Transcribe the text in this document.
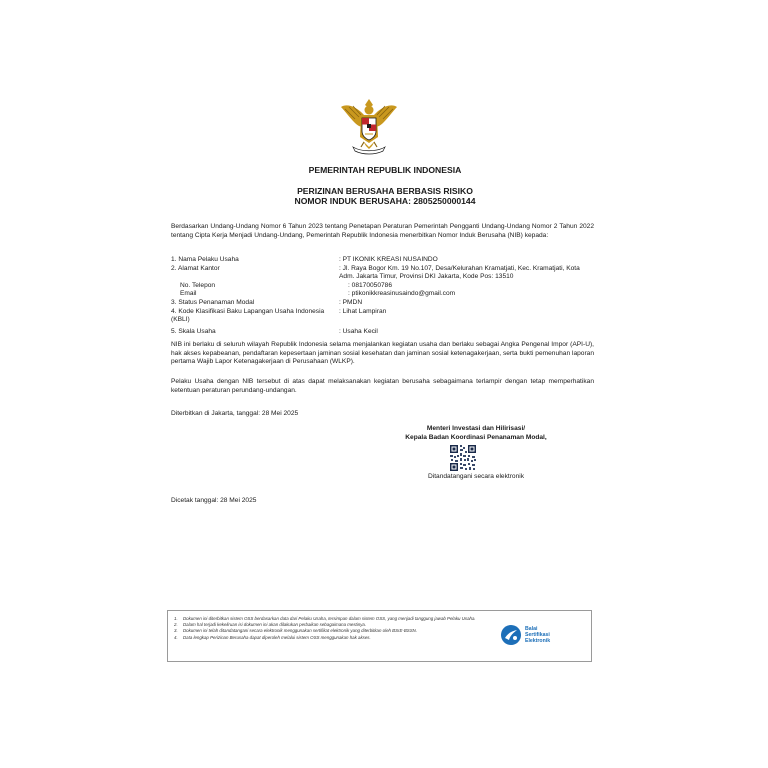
PEMERINTAH REPUBLIK INDONESIA
PERIZINAN BERUSAHA BERBASIS RISIKO
NOMOR INDUK BERUSAHA: 2805250000144
Berdasarkan Undang-Undang Nomor 6 Tahun 2023 tentang Penetapan Peraturan Pemerintah Pengganti Undang-Undang Nomor 2 Tahun 2022 tentang Cipta Kerja Menjadi Undang-Undang, Pemerintah Republik Indonesia menerbitkan Nomor Induk Berusaha (NIB) kepada:
1. Nama Pelaku Usaha	: PT IKONIK KREASI NUSAINDO
2. Alamat Kantor	: Jl. Raya Bogor Km. 19 No.107, Desa/Kelurahan Kramatjati, Kec. Kramatjati, Kota Adm. Jakarta Timur, Provinsi DKI Jakarta, Kode Pos: 13510
No. Telepon	: 08170050786
Email	: ptikonikkreasinusaindo@gmail.com
3. Status Penanaman Modal	: PMDN
4. Kode Klasifikasi Baku Lapangan Usaha Indonesia (KBLI)
: Lihat Lampiran
5. Skala Usaha	: Usaha Kecil
NIB ini berlaku di seluruh wilayah Republik Indonesia selama menjalankan kegiatan usaha dan berlaku sebagai Angka Pengenal Impor (API-U), hak akses kepabeanan, pendaftaran kepesertaan jaminan sosial kesehatan dan jaminan sosial ketenagakerjaan, serta bukti pemenuhan laporan pertama Wajib Lapor Ketenagakerjaan di Perusahaan (WLKP).
Pelaku Usaha dengan NIB tersebut di atas dapat melaksanakan kegiatan berusaha sebagaimana terlampir dengan tetap memperhatikan ketentuan peraturan perundang-undangan.
Diterbitkan di Jakarta, tanggal: 28 Mei 2025
Menteri Investasi dan Hilirisasi/
Kepala Badan Koordinasi Penanaman Modal,
Ditandatangani secara elektronik
Dicetak tanggal: 28 Mei 2025
1.	Dokumen ini diterbitkan sistem OSS berdasarkan data dari Pelaku Usaha, tersimpan dalam sistem OSS, yang menjadi tanggung jawab Pelaku Usaha.
2.	Dalam hal terjadi kekeliruan isi dokumen ini akan dilakukan perbaikan sebagaimana mestinya.
3.	Dokumen ini telah ditandatangani secara elektronik menggunakan sertifikat elektronik yang diterbitkan oleh BSrE-BSSN.
4.	Data lengkap Perizinan Berusaha dapat diperoleh melalui sistem OSS menggunakan hak akses.
Balai
Sertifikasi
Elektronik
